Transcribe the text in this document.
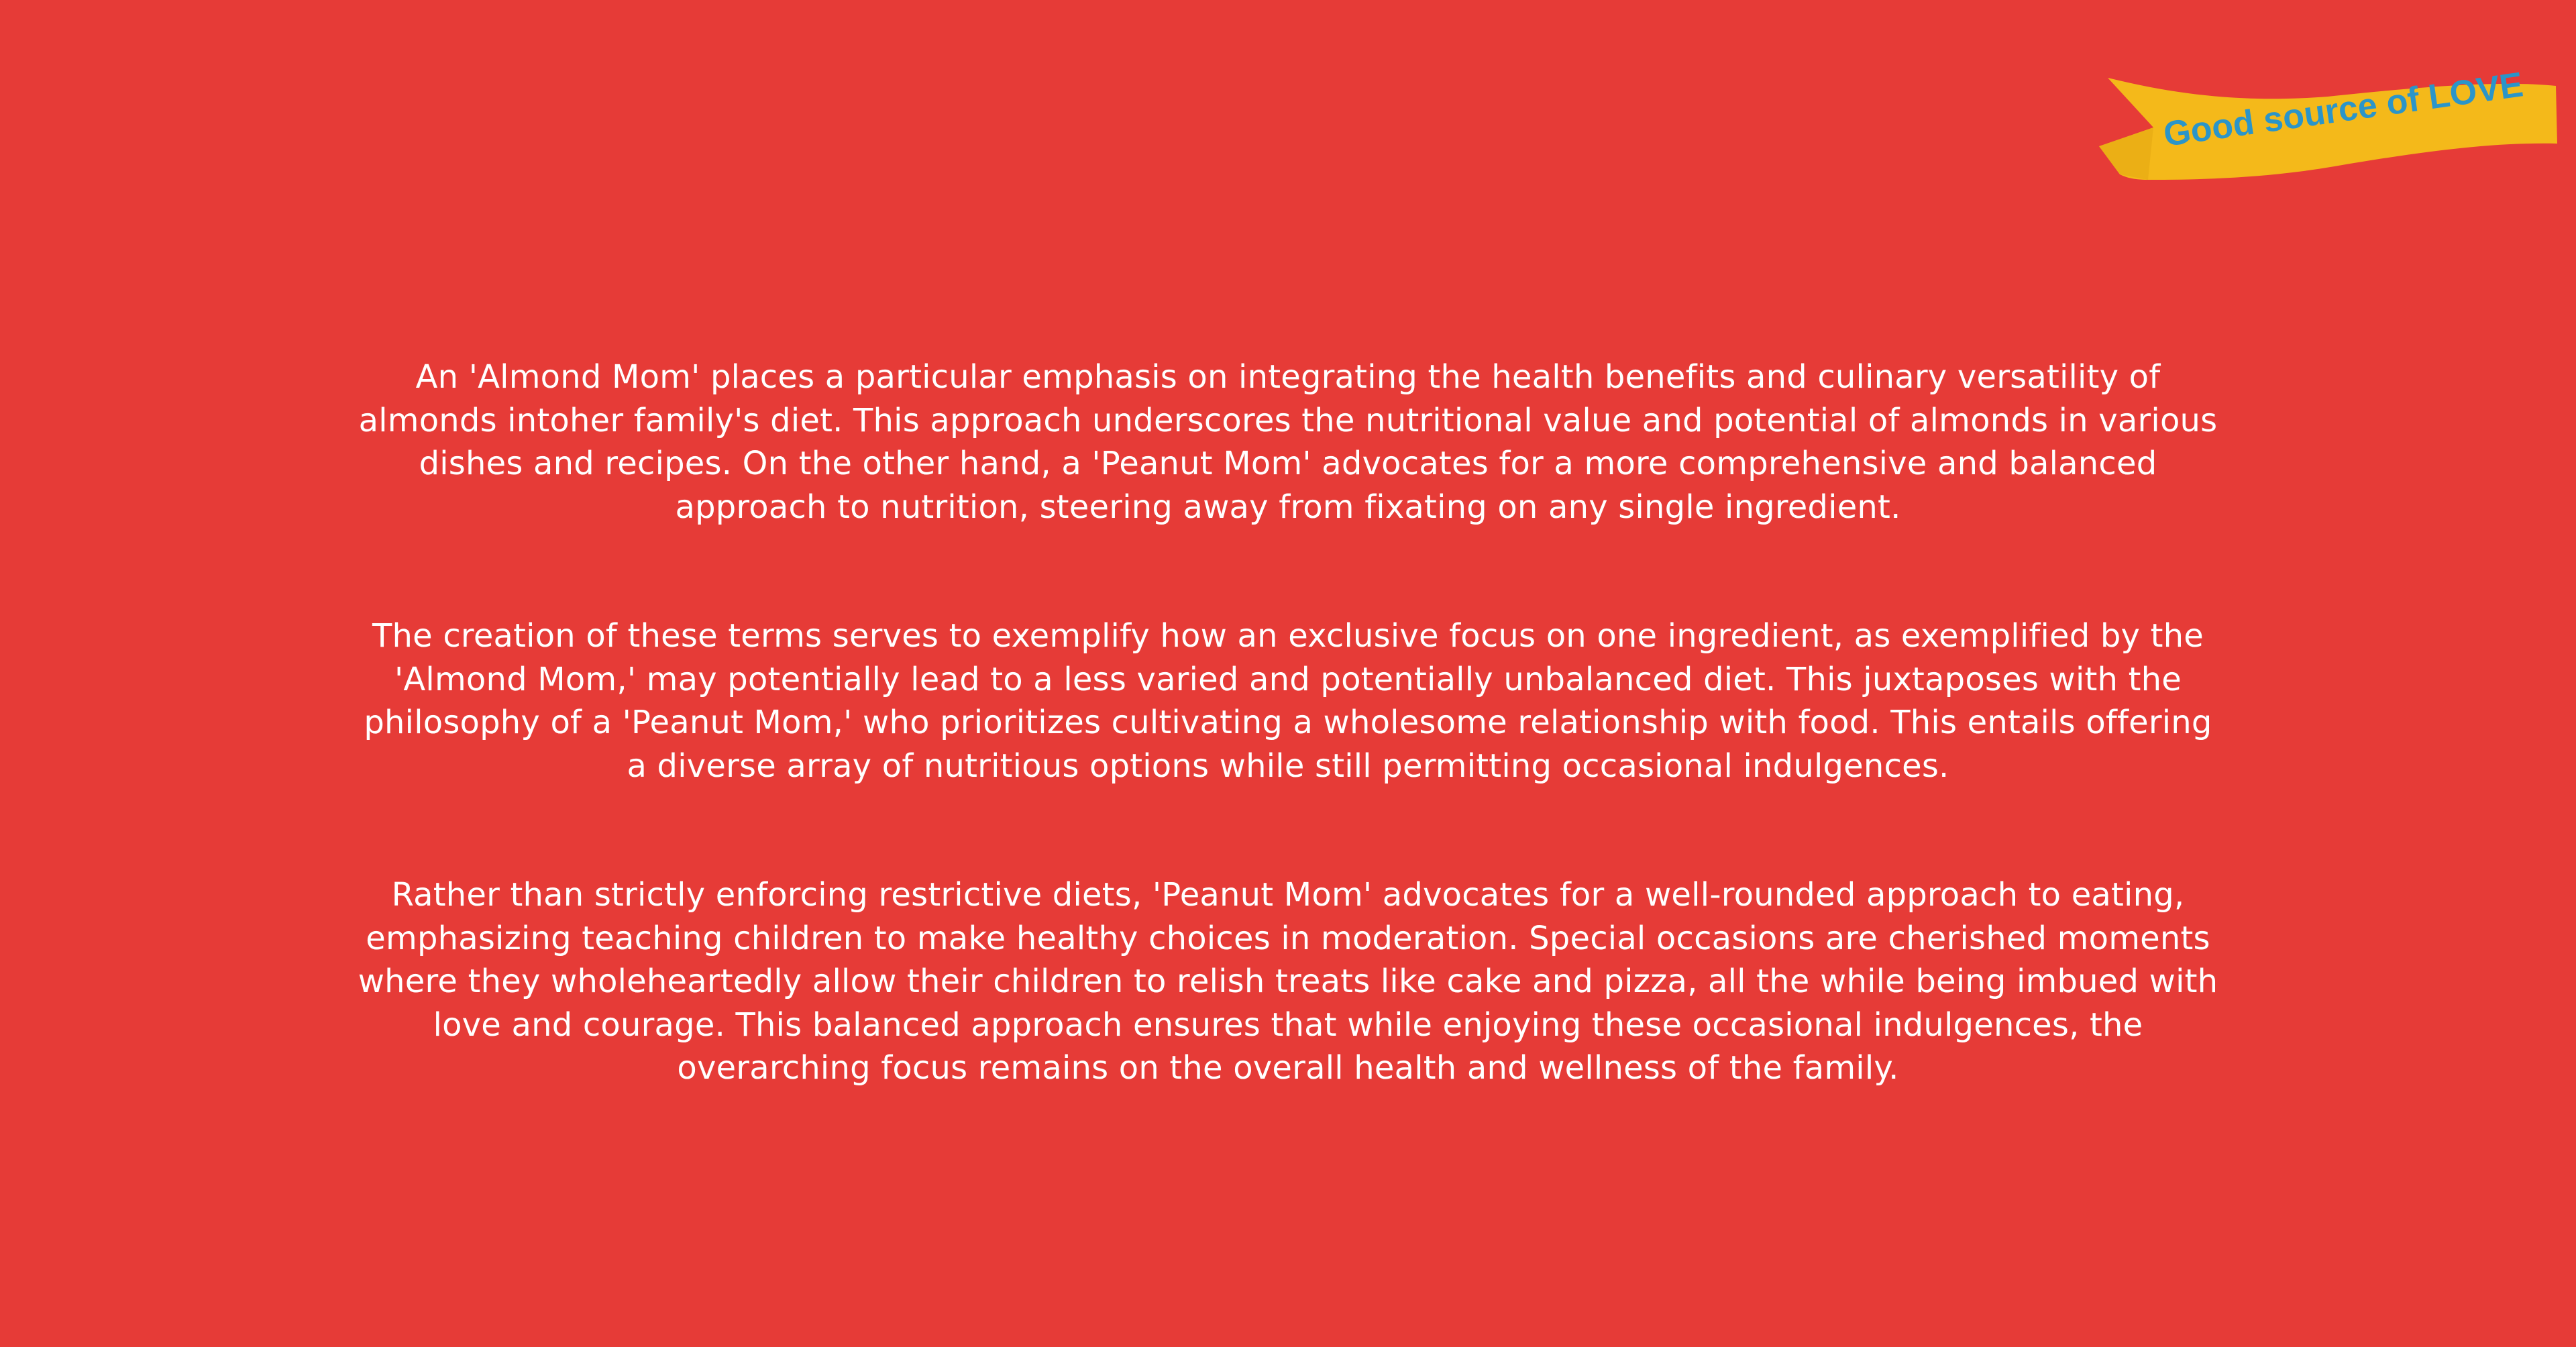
Good source of LOVE

An 'Almond Mom' places a particular emphasis on integrating the health benefits and culinary versatility of almonds intoher family's diet. This approach underscores the nutritional value and potential of almonds in various dishes and recipes. On the other hand, a 'Peanut Mom' advocates for a more comprehensive and balanced approach to nutrition, steering away from fixating on any single ingredient.

The creation of these terms serves to exemplify how an exclusive focus on one ingredient, as exemplified by the 'Almond Mom,' may potentially lead to a less varied and potentially unbalanced diet. This juxtaposes with the philosophy of a 'Peanut Mom,' who prioritizes cultivating a wholesome relationship with food. This entails offering a diverse array of nutritious options while still permitting occasional indulgences.

Rather than strictly enforcing restrictive diets, 'Peanut Mom' advocates for a well-rounded approach to eating, emphasizing teaching children to make healthy choices in moderation. Special occasions are cherished moments where they wholeheartedly allow their children to relish treats like cake and pizza, all the while being imbued with love and courage. This balanced approach ensures that while enjoying these occasional indulgences, the overarching focus remains on the overall health and wellness of the family.
